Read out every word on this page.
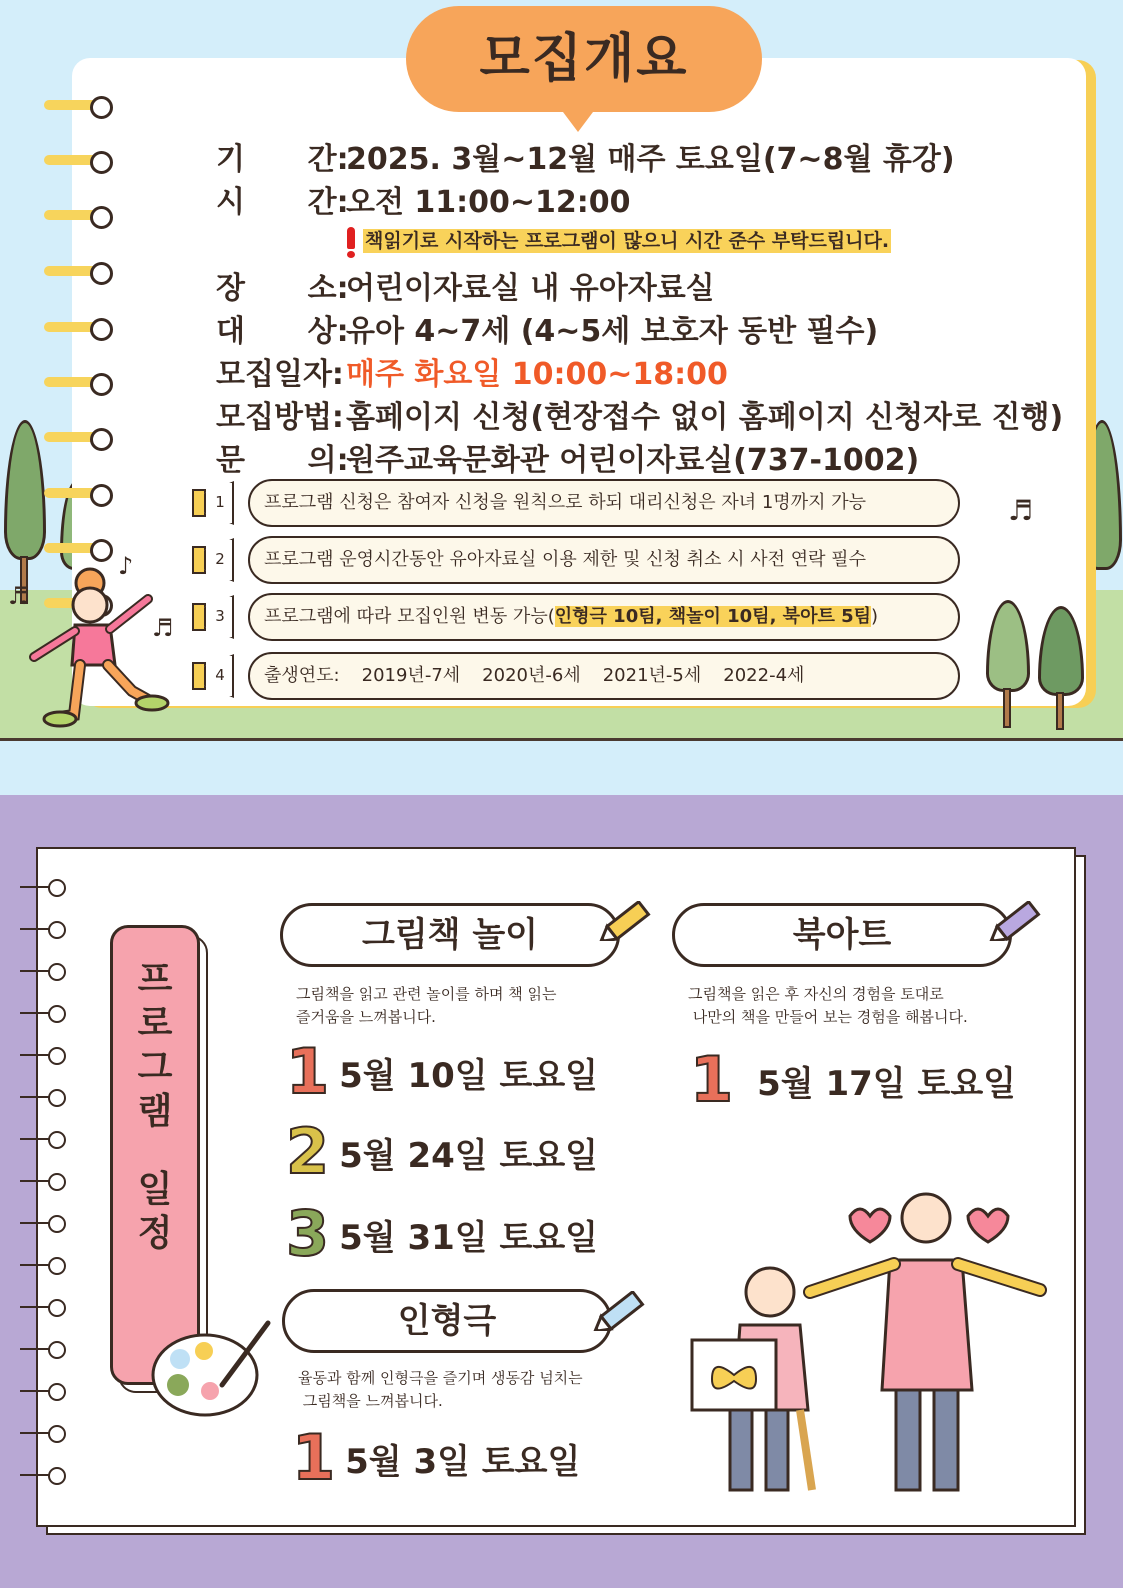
모집개요
기      간:2025. 3월~12월 매주 토요일(7~8월 휴강)
시      간:오전 11:00~12:00
책읽기로 시작하는 프로그램이 많으니 시간 준수 부탁드립니다.
장      소:어린이자료실 내 유아자료실
대      상:유아 4~7세 (4~5세 보호자 동반 필수)
모집일자:매주 화요일 10:00~18:00
모집방법:홈페이지 신청(현장접수 없이 홈페이지 신청자로 진행)
문      의:원주교육문화관 어린이자료실(737-1002)
1	프로그램 신청은 참여자 신청을 원칙으로 하되 대리신청은 자녀 1명까지 가능
2	프로그램 운영시간동안 유아자료실 이용 제한 및 신청 취소 시 사전 연락 필수
3	프로그램에 따라 모집인원 변동 가능(인형극 10팀, 책놀이 10팀, 북아트 5팀)
4	출생연도: 2019년-7세 2020년-6세 2021년-5세 2022-4세
♬
♪
♬
♬
프
로
그
램
일
정
그림책 놀이
그림책을 읽고 관련 놀이를 하며 책 읽는
즐거움을 느껴봅니다.
1 5월 10일 토요일
2 5월 24일 토요일
3 5월 31일 토요일
북아트
그림책을 읽은 후 자신의 경험을 토대로
나만의 책을 만들어 보는 경험을 해봅니다.
1 5월 17일 토요일
인형극
율동과 함께 인형극을 즐기며 생동감 넘치는
그림책을 느껴봅니다.
1 5월 3일 토요일
